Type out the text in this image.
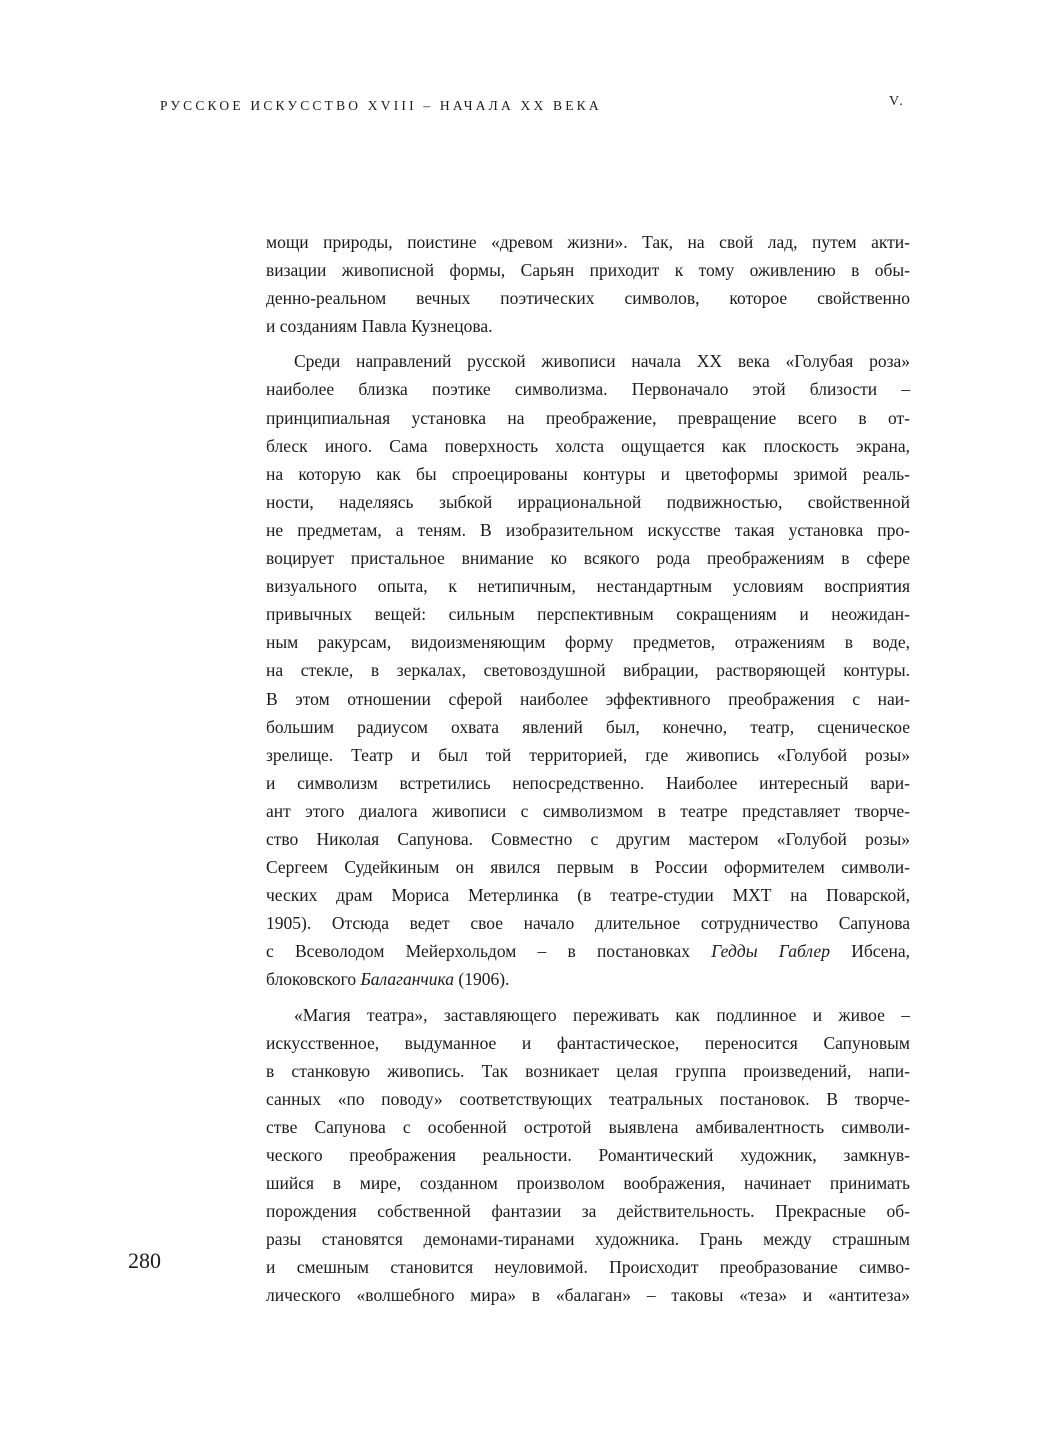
РУССКОЕ ИСКУССТВО XVIII – НАЧАЛА XX ВЕКА	V.

мощи природы, поистине «древом жизни». Так, на свой лад, путем акти-
визации живописной формы, Сарьян приходит к тому оживлению в обы-
денно-реальном вечных поэтических символов, которое свойственно
и созданиям Павла Кузнецова.

Среди направлений русской живописи начала XX века «Голубая роза»
наиболее близка поэтике символизма. Первоначало этой близости –
принципиальная установка на преображение, превращение всего в от-
блеск иного. Сама поверхность холста ощущается как плоскость экрана,
на которую как бы спроецированы контуры и цветоформы зримой реаль-
ности, наделяясь зыбкой иррациональной подвижностью, свойственной
не предметам, а теням. В изобразительном искусстве такая установка про-
воцирует пристальное внимание ко всякого рода преображениям в сфере
визуального опыта, к нетипичным, нестандартным условиям восприятия
привычных вещей: сильным перспективным сокращениям и неожидан-
ным ракурсам, видоизменяющим форму предметов, отражениям в воде,
на стекле, в зеркалах, световоздушной вибрации, растворяющей контуры.
В этом отношении сферой наиболее эффективного преображения с наи-
большим радиусом охвата явлений был, конечно, театр, сценическое
зрелище. Театр и был той территорией, где живопись «Голубой розы»
и символизм встретились непосредственно. Наиболее интересный вари-
ант этого диалога живописи с символизмом в театре представляет творче-
ство Николая Сапунова. Совместно с другим мастером «Голубой розы»
Сергеем Судейкиным он явился первым в России оформителем символи-
ческих драм Мориса Метерлинка (в театре-студии МХТ на Поварской,
1905). Отсюда ведет свое начало длительное сотрудничество Сапунова
с Всеволодом Мейерхольдом – в постановках Гедды Габлер Ибсена,
блоковского Балаганчика (1906).

«Магия театра», заставляющего переживать как подлинное и живое –
искусственное, выдуманное и фантастическое, переносится Сапуновым
в станковую живопись. Так возникает целая группа произведений, напи-
санных «по поводу» соответствующих театральных постановок. В творче-
стве Сапунова с особенной остротой выявлена амбивалентность символи-
ческого преображения реальности. Романтический художник, замкнув-
шийся в мире, созданном произволом воображения, начинает принимать
порождения собственной фантазии за действительность. Прекрасные об-
разы становятся демонами-тиранами художника. Грань между страшным
и смешным становится неуловимой. Происходит преобразование симво-
лического «волшебного мира» в «балаган» – таковы «теза» и «антитеза»

280
